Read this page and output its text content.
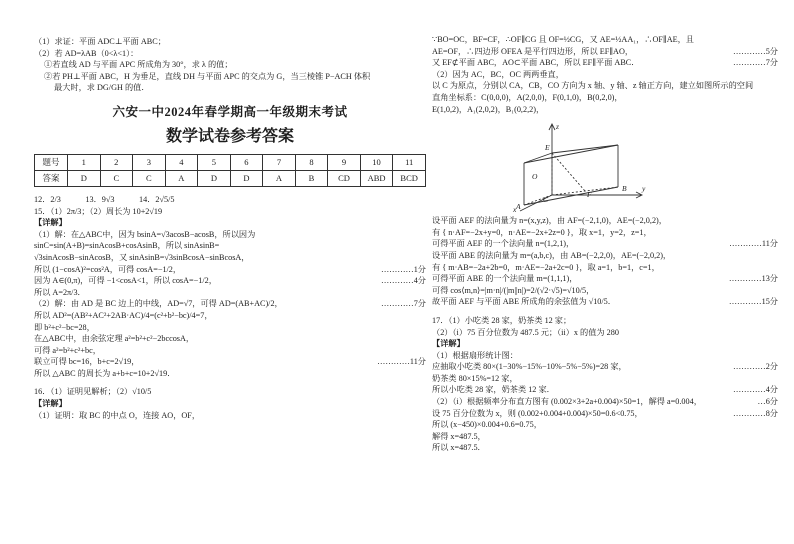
（1）求证：平面 ADC⊥平面 ABC；
（2）若 AD=λAB（0<λ<1）：
①若直线 AD 与平面 APC 所成角为 30°，求 λ 的值；
②若 PH⊥平面 ABC，H 为垂足，直线 DH 与平面 APC 的交点为 G，当三棱锥 P−ACH 体积
最大时，求 DG/GH 的值．
六安一中2024年春学期高一年级期末考试
数学试卷参考答案
题号	1	2	3	4	5	6	7	8	9	10	11
答案	D	C	C	A	D	D	A	B	CD	ABD	BCD
12．2/3　　　13．9√3　　　14．2√5/5
15．（1）2π/3；（2）周长为 10+2√19
【详解】
（1）解：在△ABC中，因为 bsinA=√3acosB−acosB，所以因为
sinC=sin(A+B)=sinAcosB+cosAsinB，所以 sinAsinB=
√3sinAcosB−sinAcosB，又 sinAsinB=√3sinBcosA−sinBcosA，
所以 (1−cosA)²=cos²A，可得 cosA=−1/2，	…………1分
因为 A∈(0,π)，可得 −1<cosA<1，所以 cosA=−1/2，	…………4分
所以 A=2π/3．
（2）解：由 AD 是 BC 边上的中线，AD=√7，可得 AD=(AB+AC)/2，	…………7分
所以 AD²=(AB²+AC²+2AB·AC)/4=(c²+b²−bc)/4=7，
即 b²+c²−bc=28，
在△ABC中，由余弦定理 a²=b²+c²−2bccosA，
可得 a²=b²+c²+bc，
联立可得 bc=16，b+c=2√19，	…………11分
所以 △ABC 的周长为 a+b+c=10+2√19．
16．（1）证明见解析；（2）√10/5
【详解】
（1）证明：取 BC 的中点 O，连接 AO，OF，
∵BO=OC，BF=CF，∴OF∥CG 且 OF=½CG，又 AE=½AA₁，∴OF∥AE，且
AE=OF，∴四边形 OFEA 是平行四边形，所以 EF∥AO，	…………5分
又 EF⊄平面 ABC，AO⊂平面 ABC，所以 EF∥平面 ABC．	…………7分
（2）因为 AC，BC，OC 两两垂直，
以 C 为原点，分别以 CA，CB，CO 方向为 x 轴、y 轴、z 轴正方向，建立如图所示的空间
直角坐标系：C(0,0,0)，A(2,0,0)，F(0,1,0)，B(0,2,0)，
E(1,0,2)，A₁(2,0,2)，B₁(0,2,2)，
z
y
x A
B
C
E
F
O
设平面 AEF 的法向量为 n=(x,y,z)，由 AF=(−2,1,0)，AE=(−2,0,2)，
有 { n·AF=−2x+y=0，n·AE=−2x+2z=0 }，取 x=1，y=2，z=1，
可得平面 AEF 的一个法向量 n=(1,2,1)，	…………11分
设平面 ABE 的法向量为 m=(a,b,c)，由 AB=(−2,2,0)，AE=(−2,0,2)，
有 { m·AB=−2a+2b=0，m·AE=−2a+2c=0 }，取 a=1，b=1，c=1，
可得平面 ABE 的一个法向量 m=(1,1,1)，	…………13分
可得 cos⟨m,n⟩=|m·n|/(|m||n|)=2/(√2·√5)=√10/5，
故平面 AEF 与平面 ABE 所成角的余弦值为 √10/5．	…………15分
17．（1）小吃类 28 家，奶茶类 12 家；
（2）（i）75 百分位数为 487.5 元；（ii）x 的值为 280
【详解】
（1）根据扇形统计图：
应抽取小吃类 80×(1−30%−15%−10%−5%−5%)=28 家，	…………2分
奶茶类 80×15%=12 家，
所以小吃类 28 家，奶茶类 12 家．	…………4分
（2）（i）根据频率分布直方图有 (0.002×3+2a+0.004)×50=1，解得 a=0.004，	…6分
设 75 百分位数为 x，则 (0.002+0.004+0.004)×50=0.6<0.75，	…………8分
所以 (x−450)×0.004+0.6=0.75，
解得 x=487.5，
所以 x=487.5．
